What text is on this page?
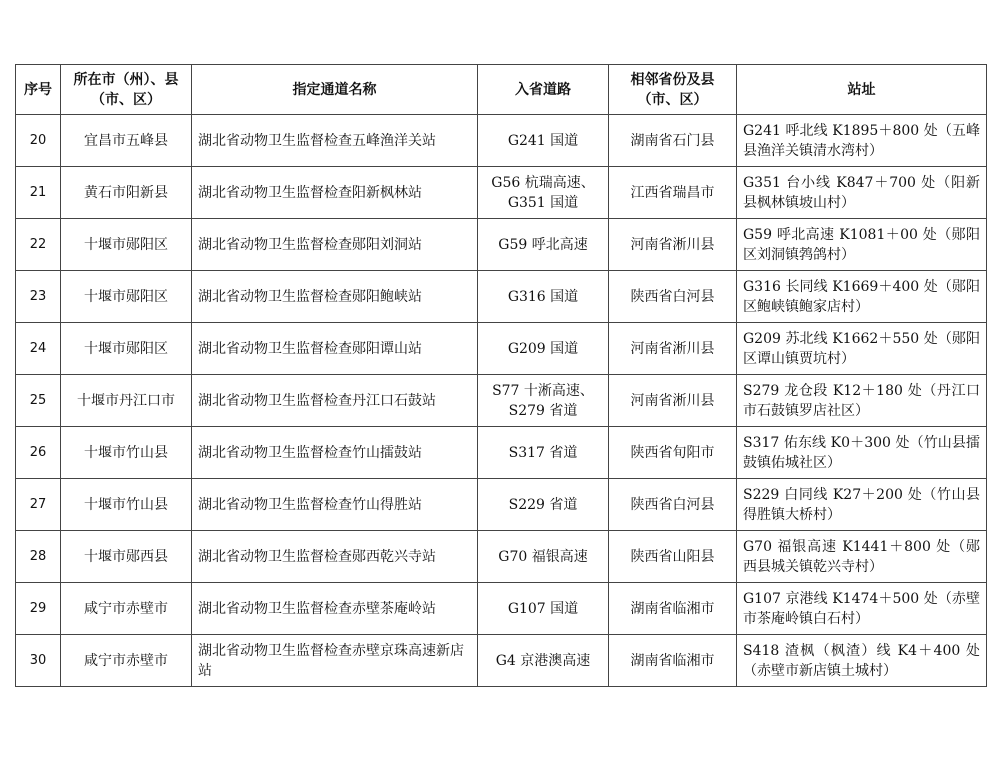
序号	所在市（州）、县（市、区）	指定通道名称	入省道路	相邻省份及县（市、区）	站址
20	宜昌市五峰县	湖北省动物卫生监督检查五峰渔洋关站	G241 国道	湖南省石门县	G241 呼北线 K1895＋800 处（五峰县渔洋关镇清水湾村）
21	黄石市阳新县	湖北省动物卫生监督检查阳新枫林站	G56 杭瑞高速、G351 国道	江西省瑞昌市	G351 台小线 K847＋700 处（阳新县枫林镇坡山村）
22	十堰市郧阳区	湖北省动物卫生监督检查郧阳刘洞站	G59 呼北高速	河南省淅川县	G59 呼北高速 K1081＋00 处（郧阳区刘洞镇鹁鸽村）
23	十堰市郧阳区	湖北省动物卫生监督检查郧阳鲍峡站	G316 国道	陕西省白河县	G316 长同线 K1669＋400 处（郧阳区鲍峡镇鲍家店村）
24	十堰市郧阳区	湖北省动物卫生监督检查郧阳谭山站	G209 国道	河南省淅川县	G209 苏北线 K1662＋550 处（郧阳区谭山镇贾坑村）
25	十堰市丹江口市	湖北省动物卫生监督检查丹江口石鼓站	S77 十淅高速、S279 省道	河南省淅川县	S279 龙仓段 K12＋180 处（丹江口市石鼓镇罗店社区）
26	十堰市竹山县	湖北省动物卫生监督检查竹山擂鼓站	S317 省道	陕西省旬阳市	S317 佑东线 K0＋300 处（竹山县擂鼓镇佑城社区）
27	十堰市竹山县	湖北省动物卫生监督检查竹山得胜站	S229 省道	陕西省白河县	S229 白同线 K27＋200 处（竹山县得胜镇大桥村）
28	十堰市郧西县	湖北省动物卫生监督检查郧西乾兴寺站	G70 福银高速	陕西省山阳县	G70 福银高速 K1441＋800 处（郧西县城关镇乾兴寺村）
29	咸宁市赤壁市	湖北省动物卫生监督检查赤壁茶庵岭站	G107 国道	湖南省临湘市	G107 京港线 K1474＋500 处（赤壁市茶庵岭镇白石村）
30	咸宁市赤壁市	湖北省动物卫生监督检查赤壁京珠高速新店站	G4 京港澳高速	湖南省临湘市	S418 渣枫（枫渣）线 K4＋400 处（赤壁市新店镇土城村）
